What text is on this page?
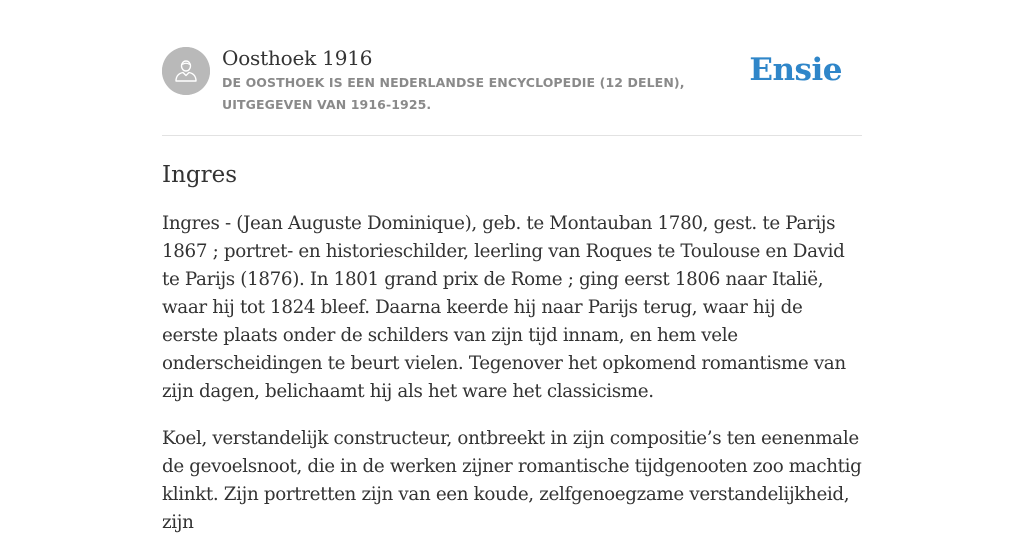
Oosthoek 1916
DE OOSTHOEK IS EEN NEDERLANDSE ENCYCLOPEDIE (12 DELEN), UITGEGEVEN VAN 1916-1925.
Ensie
Ingres

Ingres - (Jean Auguste Dominique), geb. te Montauban 1780, gest. te Parijs 1867 ; portret- en historieschilder, leerling van Roques te Toulouse en David te Parijs (1876). In 1801 grand prix de Rome ; ging eerst 1806 naar Italië, waar hij tot 1824 bleef. Daarna keerde hij naar Parijs terug, waar hij de eerste plaats onder de schilders van zijn tijd innam, en hem vele onderscheidingen te beurt vielen. Tegenover het opkomend romantisme van zijn dagen, belichaamt hij als het ware het classicisme.

Koel, verstandelijk constructeur, ontbreekt in zijn compositie’s ten eenenmale de gevoelsnoot, die in de werken zijner romantische tijdgenooten zoo machtig klinkt. Zijn portretten zijn van een koude, zelfgenoegzame verstandelijkheid, zijn
